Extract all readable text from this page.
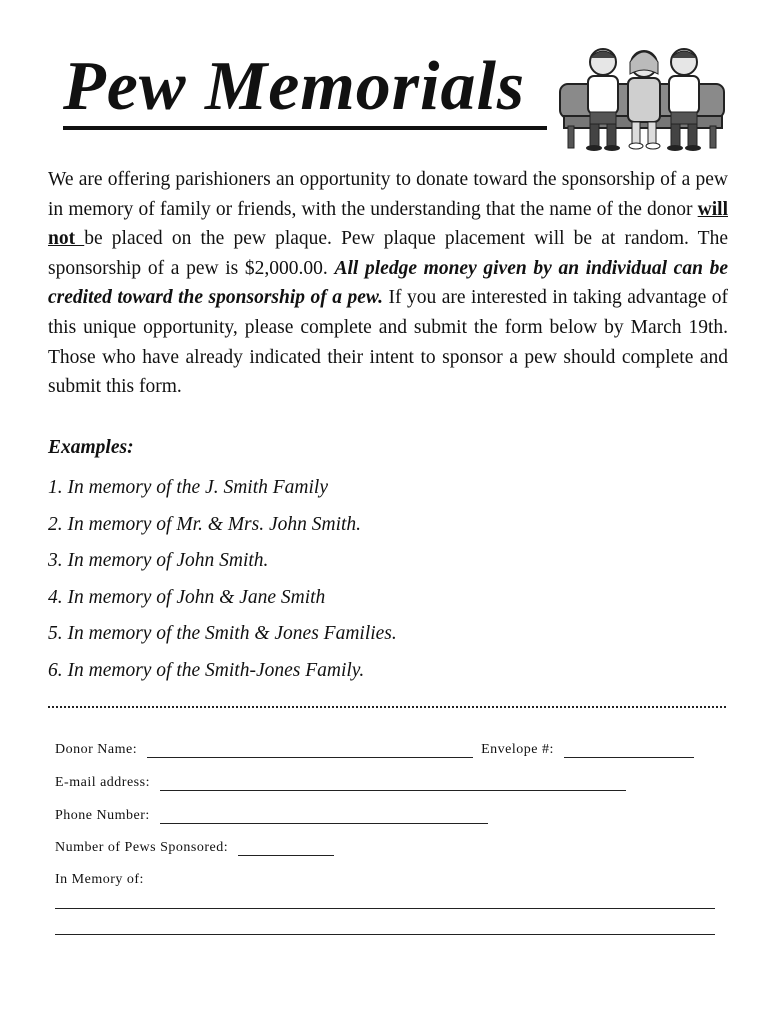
Pew Memorials
We are offering parishioners an opportunity to donate toward the sponsorship of a pew in memory of family or friends, with the understanding that the name of the donor will not be placed on the pew plaque. Pew plaque placement will be at random. The sponsorship of a pew is $2,000.00. All pledge money given by an individual can be credited toward the sponsorship of a pew. If you are interested in taking advantage of this unique opportunity, please complete and submit the form below by March 19th. Those who have already indicated their intent to sponsor a pew should complete and submit this form.
Examples:
1. In memory of the J. Smith Family
2. In memory of Mr. & Mrs. John Smith.
3. In memory of John Smith.
4. In memory of John & Jane Smith
5. In memory of the Smith & Jones Families.
6. In memory of the Smith-Jones Family.
Donor Name:	Envelope #:
E-mail address:
Phone Number:
Number of Pews Sponsored:
In Memory of:
